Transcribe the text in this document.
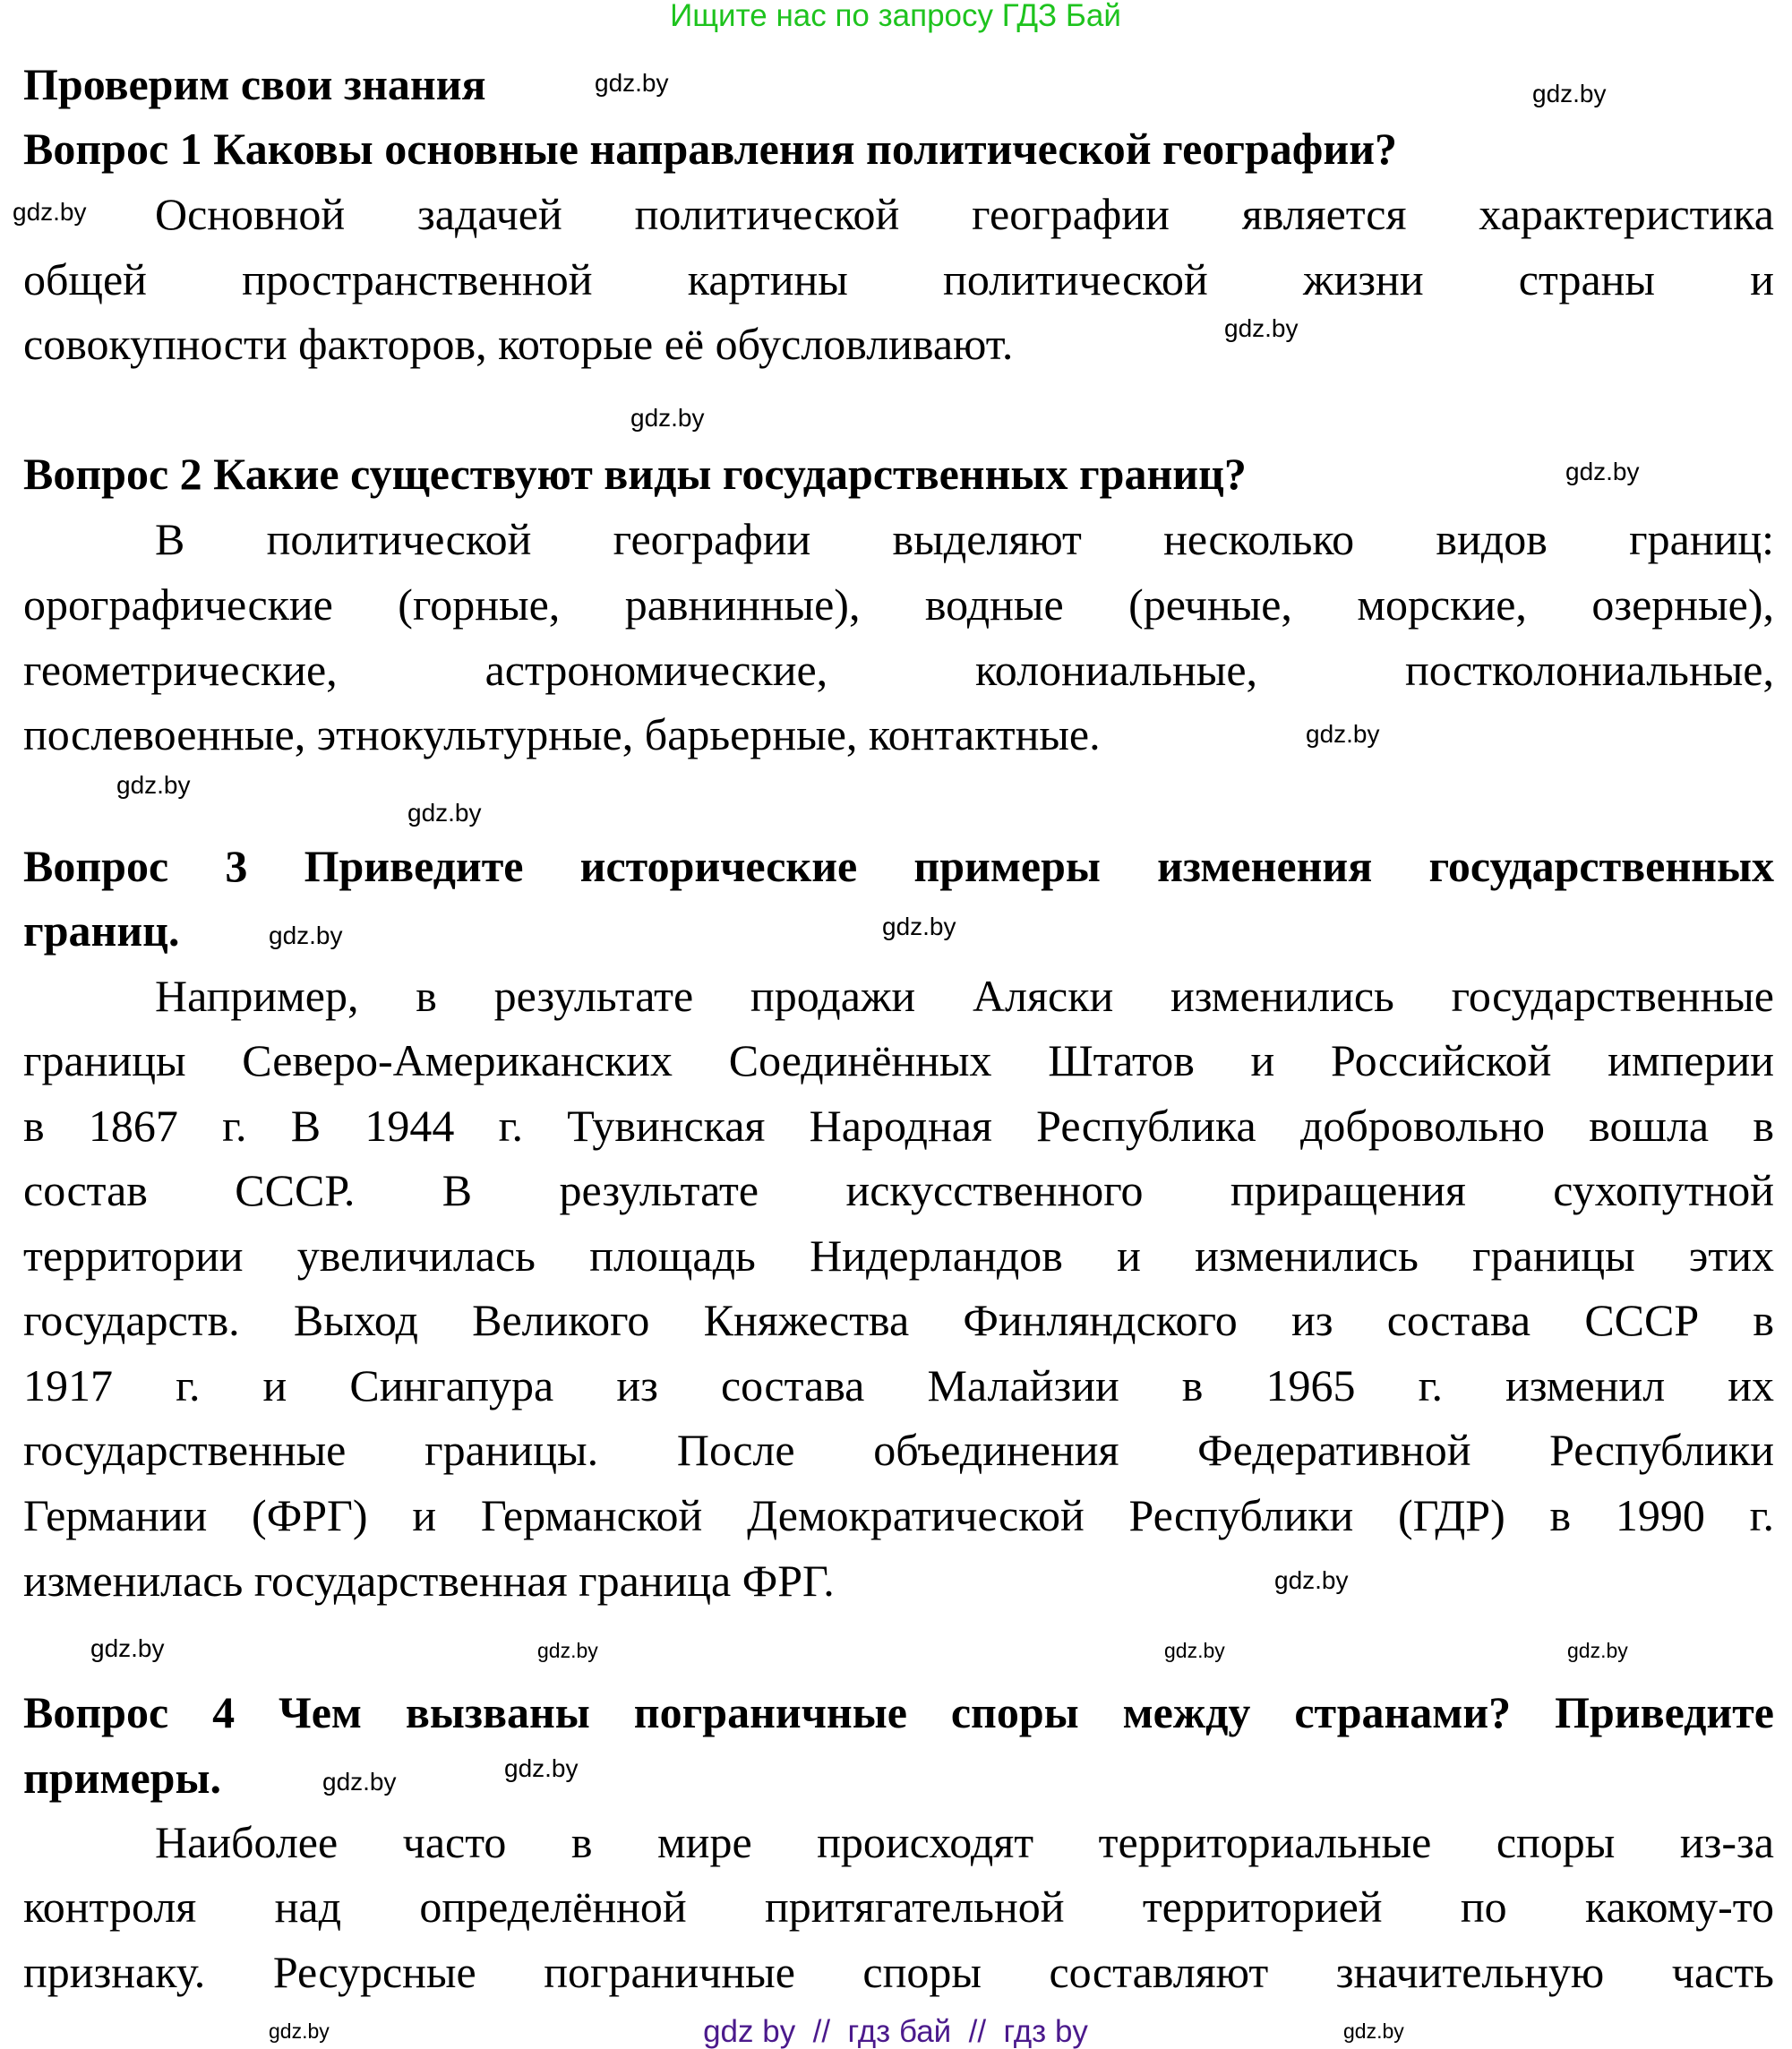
Ищите нас по запросу ГДЗ Бай
Проверим свои знания
Вопрос 1 Каковы основные направления политической географии?
Основной задачей политической географии является характеристика
общей пространственной картины политической жизни страны и
совокупности факторов, которые её обусловливают.
Вопрос 2 Какие существуют виды государственных границ?
В политической географии выделяют несколько видов границ:
орографические (горные, равнинные), водные (речные, морские, озерные),
геометрические, астрономические, колониальные, постколониальные,
послевоенные, этнокультурные, барьерные, контактные.
Вопрос 3 Приведите исторические примеры изменения государственных
границ.
Например, в результате продажи Аляски изменились государственные
границы Северо-Американских Соединённых Штатов и Российской империи
в 1867 г. В 1944 г. Тувинская Народная Республика добровольно вошла в
состав СССР. В результате искусственного приращения сухопутной
территории увеличилась площадь Нидерландов и изменились границы этих
государств. Выход Великого Княжества Финляндского из состава СССР в
1917 г. и Сингапура из состава Малайзии в 1965 г. изменил их
государственные границы. После объединения Федеративной Республики
Германии (ФРГ) и Германской Демократической Республики (ГДР) в 1990 г.
изменилась государственная граница ФРГ.
Вопрос 4 Чем вызваны пограничные споры между странами? Приведите
примеры.
Наиболее часто в мире происходят территориальные споры из-за
контроля над определённой притягательной территорией по какому-то
признаку. Ресурсные пограничные споры составляют значительную часть
gdz.by	gdz.by
gdz.by
gdz.by
gdz.by
gdz.by
gdz.by
gdz.by
gdz.by
gdz.by
gdz.by
gdz.by
gdz.by	gdz.by
gdz.by
gdz.by
gdz.by
gdz.by
gdz.by
gdz.by	gdz by  //  гдз бай  //  гдз by
